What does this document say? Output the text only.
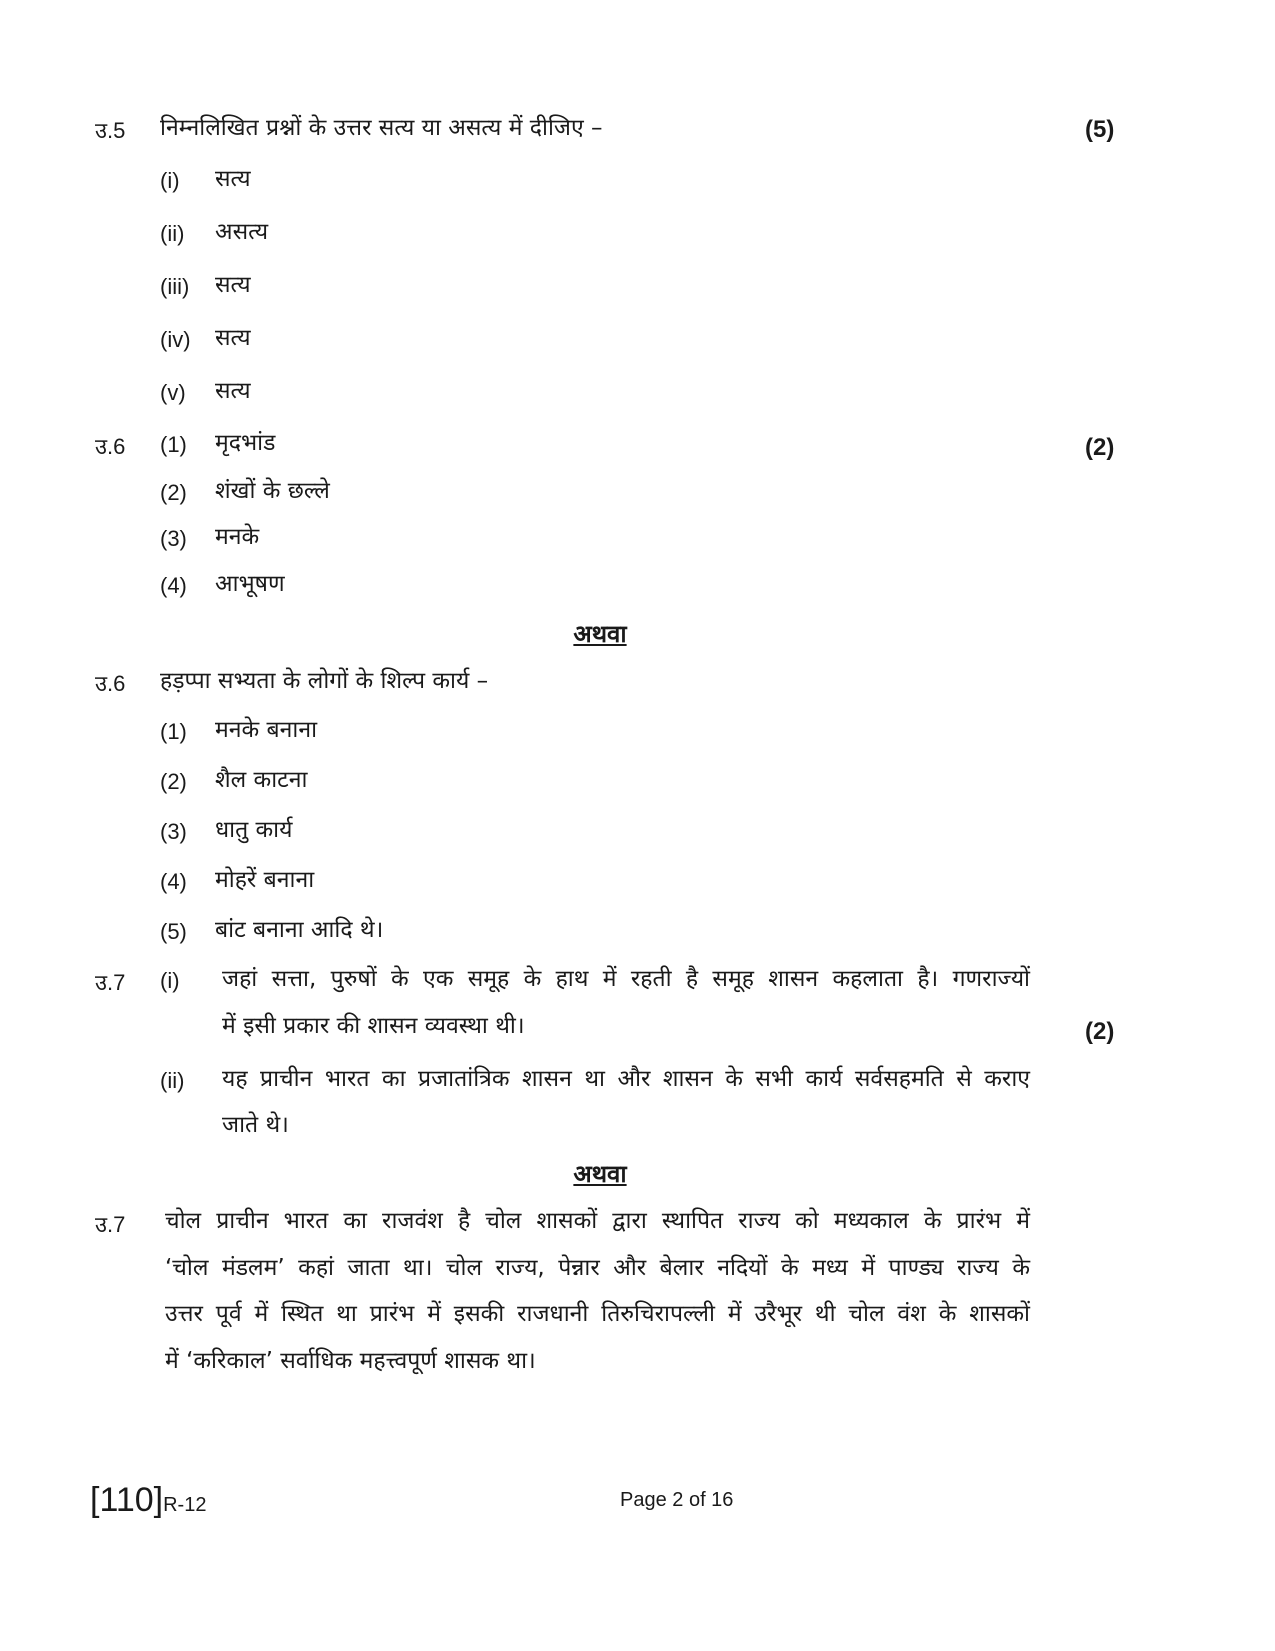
उ.5 निम्नलिखित प्रश्नों के उत्तर सत्य या असत्य में दीजिए –	(5)
(i) सत्य
(ii) असत्य
(iii) सत्य
(iv) सत्य
(v) सत्य
उ.6	(2)
(1) मृदभांड
(2) शंखों के छल्ले
(3) मनके
(4) आभूषण
अथवा
उ.6 हड़प्पा सभ्यता के लोगों के शिल्प कार्य –
(1) मनके बनाना
(2) शैल काटना
(3) धातु कार्य
(4) मोहरें बनाना
(5) बांट बनाना आदि थे।
उ.7 (i) जहां सत्ता, पुरुषों के एक समूह के हाथ में रहती है समूह शासन कहलाता है। गणराज्यों
में इसी प्रकार की शासन व्यवस्था थी।	(2)
(ii) यह प्राचीन भारत का प्रजातांत्रिक शासन था और शासन के सभी कार्य सर्वसहमति से कराए
जाते थे।
अथवा
उ.7 चोल प्राचीन भारत का राजवंश है चोल शासकों द्वारा स्थापित राज्य को मध्यकाल के प्रारंभ में
‘चोल मंडलम’ कहां जाता था। चोल राज्य, पेन्नार और बेलार नदियों के मध्य में पाण्ड्य राज्य के
उत्तर पूर्व में स्थित था प्रारंभ में इसकी राजधानी तिरुचिरापल्ली में उरैभूर थी चोल वंश के शासकों
में ‘करिकाल’ सर्वाधिक महत्त्वपूर्ण शासक था।
[110]R-12	Page 2 of 16
